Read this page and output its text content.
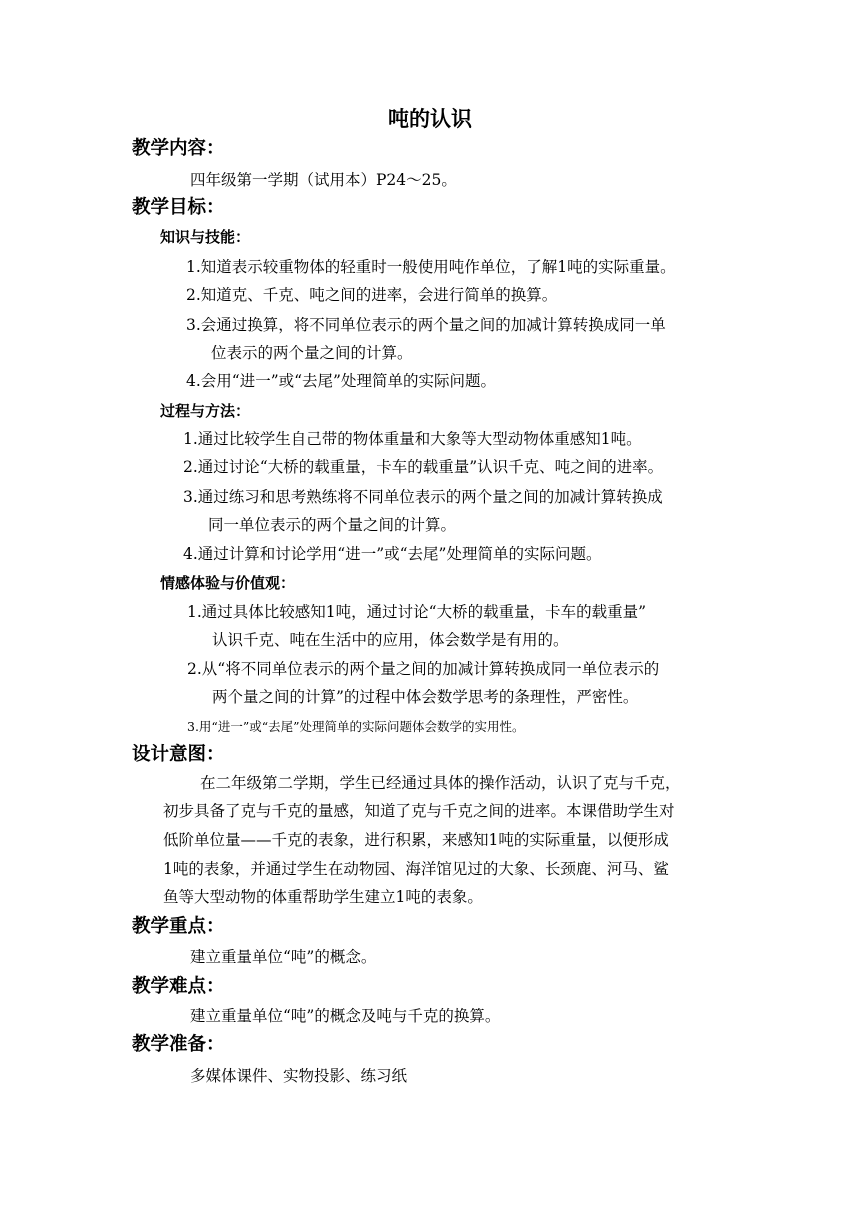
吨的认识
教学内容：
四年级第一学期（试用本）P24～25。
教学目标：
知识与技能：
1.知道表示较重物体的轻重时一般使用吨作单位，了解1吨的实际重量。
2.知道克、千克、吨之间的进率，会进行简单的换算。
3.会通过换算，将不同单位表示的两个量之间的加减计算转换成同一单
位表示的两个量之间的计算。
4.会用“进一”或“去尾”处理简单的实际问题。
过程与方法：
1.通过比较学生自己带的物体重量和大象等大型动物体重感知1吨。
2.通过讨论“大桥的载重量，卡车的载重量”认识千克、吨之间的进率。
3.通过练习和思考熟练将不同单位表示的两个量之间的加减计算转换成
同一单位表示的两个量之间的计算。
4.通过计算和讨论学用“进一”或“去尾”处理简单的实际问题。
情感体验与价值观：
1.通过具体比较感知1吨，通过讨论“大桥的载重量，卡车的载重量”
认识千克、吨在生活中的应用，体会数学是有用的。
2.从“将不同单位表示的两个量之间的加减计算转换成同一单位表示的
两个量之间的计算”的过程中体会数学思考的条理性，严密性。
3.用“进一”或“去尾”处理简单的实际问题体会数学的实用性。
设计意图：
在二年级第二学期，学生已经通过具体的操作活动，认识了克与千克，
初步具备了克与千克的量感，知道了克与千克之间的进率。本课借助学生对
低阶单位量——千克的表象，进行积累，来感知1吨的实际重量，以便形成
1吨的表象，并通过学生在动物园、海洋馆见过的大象、长颈鹿、河马、鲨
鱼等大型动物的体重帮助学生建立1吨的表象。
教学重点：
建立重量单位“吨”的概念。
教学难点：
建立重量单位“吨”的概念及吨与千克的换算。
教学准备：
多媒体课件、实物投影、练习纸
